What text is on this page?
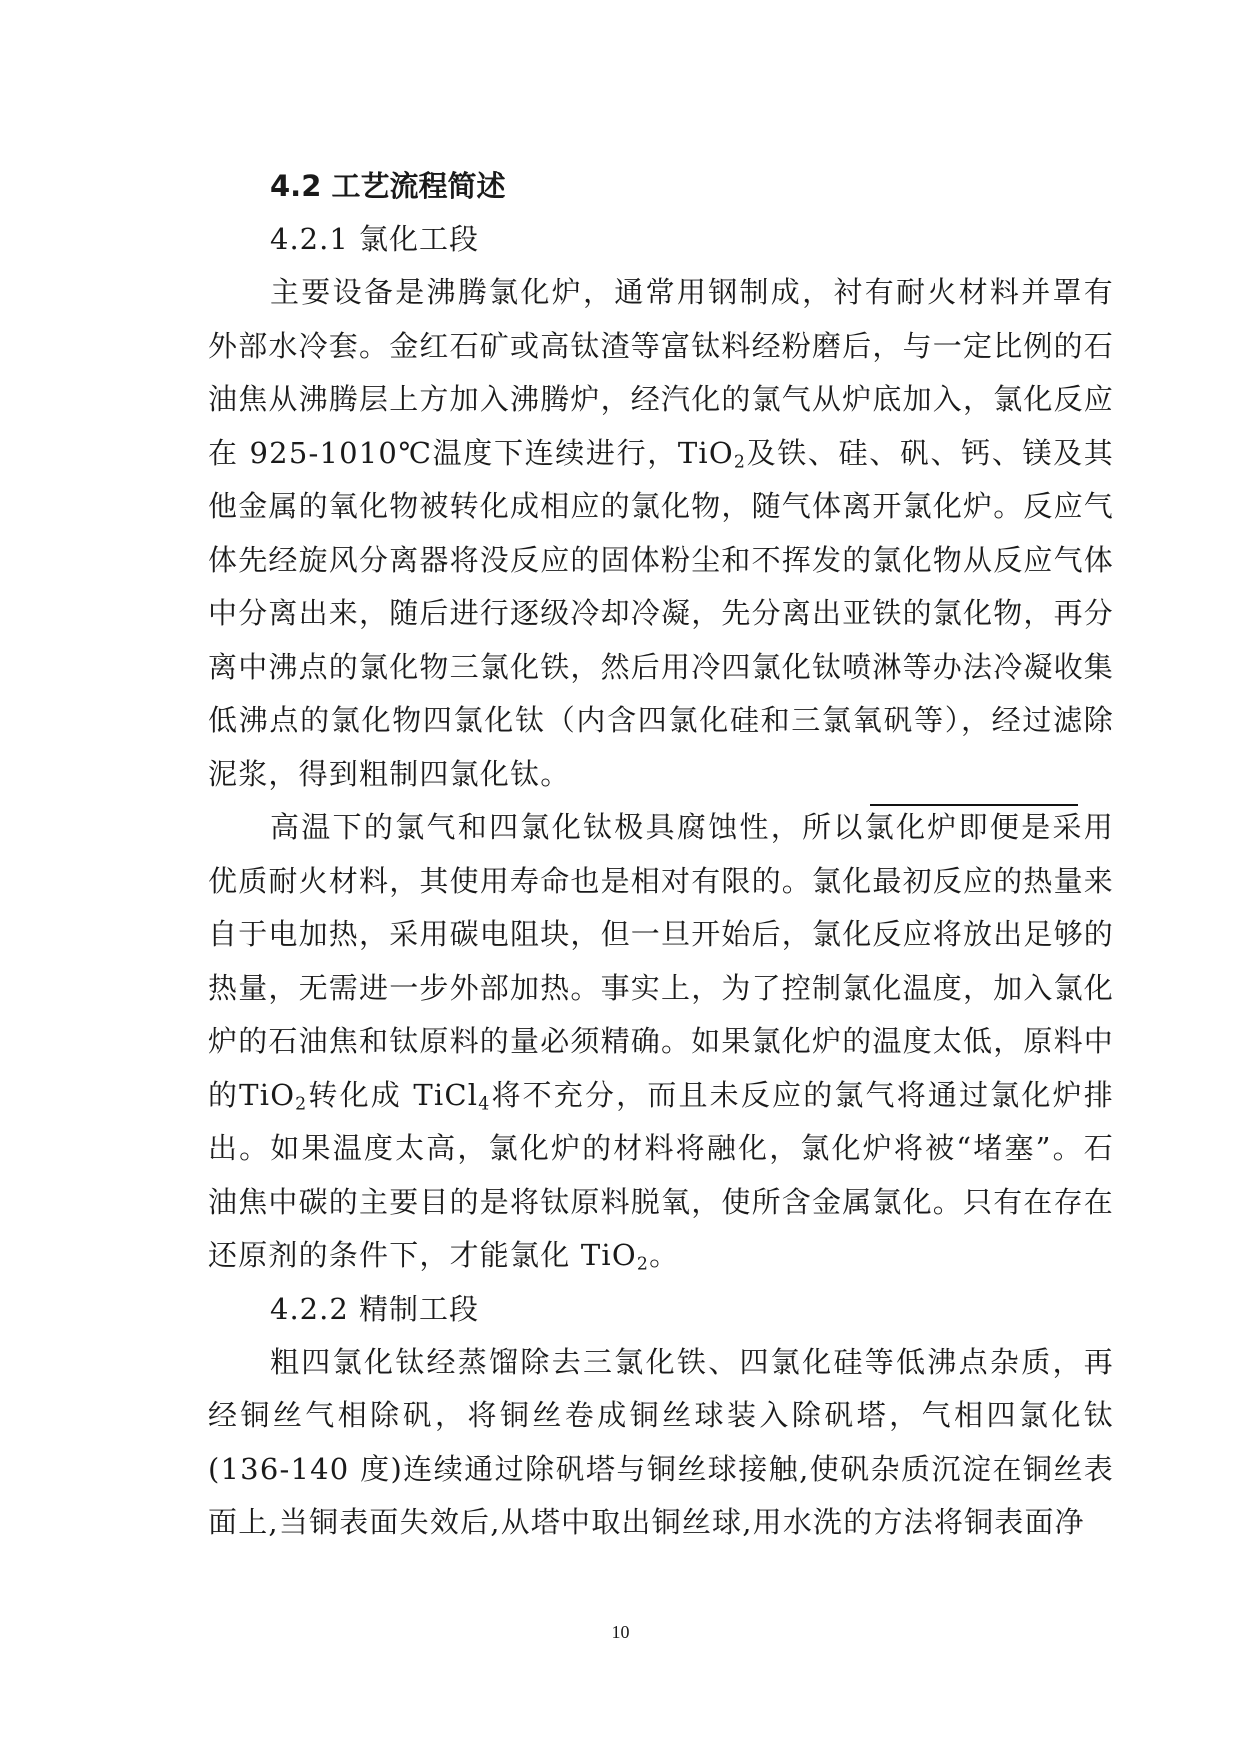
4.2 工艺流程简述
4.2.1 氯化工段

主要设备是沸腾氯化炉，通常用钢制成，衬有耐火材料并罩有外部水冷套。金红石矿或高钛渣等富钛料经粉磨后，与一定比例的石油焦从沸腾层上方加入沸腾炉，经汽化的氯气从炉底加入，氯化反应在 925-1010℃温度下连续进行，TiO$_2$及铁、硅、矾、钙、镁及其他金属的氧化物被转化成相应的氯化物，随气体离开氯化炉。反应气体先经旋风分离器将没反应的固体粉尘和不挥发的氯化物从反应气体中分离出来，随后进行逐级冷却冷凝，先分离出亚铁的氯化物，再分离中沸点的氯化物三氯化铁，然后用冷四氯化钛喷淋等办法冷凝收集低沸点的氯化物四氯化钛（内含四氯化硅和三氯氧矾等），经过滤除泥浆，得到粗制四氯化钛。

高温下的氯气和四氯化钛极具腐蚀性，所以氯化炉即便是采用优质耐火材料，其使用寿命也是相对有限的。氯化最初反应的热量来自于电加热，采用碳电阻块，但一旦开始后，氯化反应将放出足够的热量，无需进一步外部加热。事实上，为了控制氯化温度，加入氯化炉的石油焦和钛原料的量必须精确。如果氯化炉的温度太低，原料中的TiO$_2$转化成 TiCl$_4$将不充分，而且未反应的氯气将通过氯化炉排出。如果温度太高，氯化炉的材料将融化，氯化炉将被“堵塞”。石油焦中碳的主要目的是将钛原料脱氧，使所含金属氯化。只有在存在还原剂的条件下，才能氯化 TiO$_2$。

4.2.2 精制工段

粗四氯化钛经蒸馏除去三氯化铁、四氯化硅等低沸点杂质，再经铜丝气相除矾，将铜丝卷成铜丝球装入除矾塔，气相四氯化钛(136-140 度)连续通过除矾塔与铜丝球接触,使矾杂质沉淀在铜丝表面上,当铜表面失效后,从塔中取出铜丝球,用水洗的方法将铜表面净

10
